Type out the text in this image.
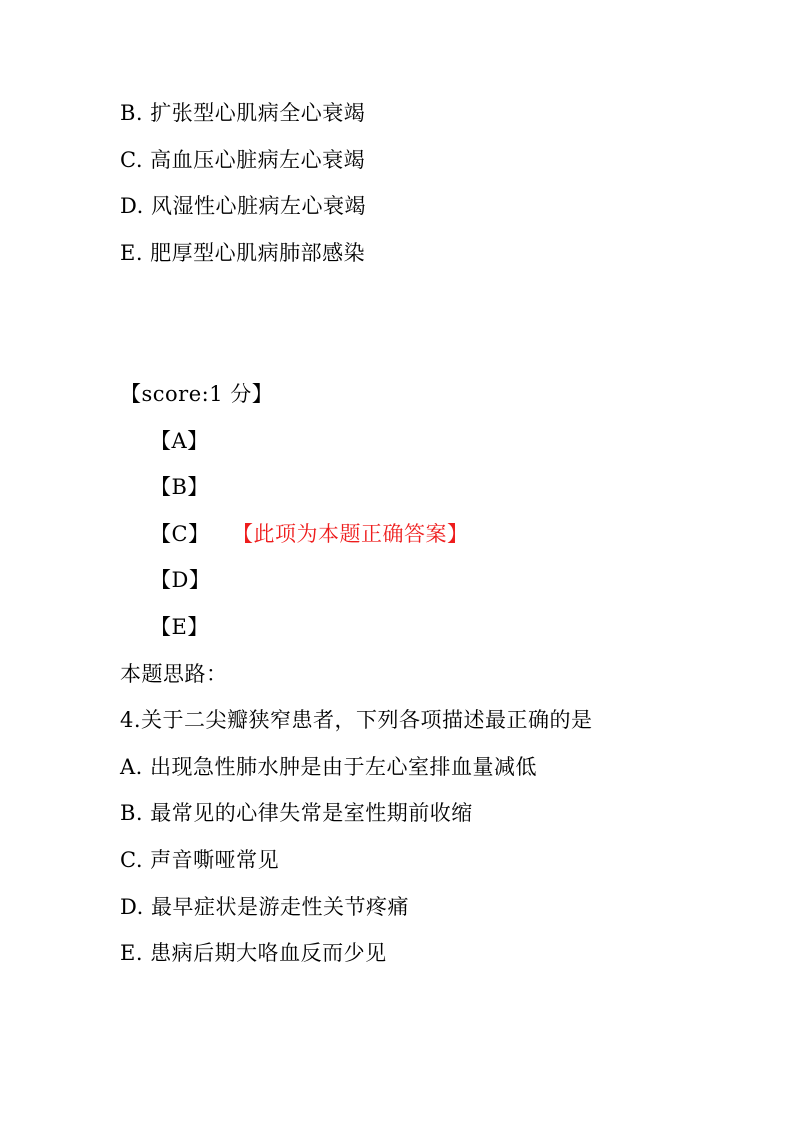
B. 扩张型心肌病全心衰竭
C. 高血压心脏病左心衰竭
D. 风湿性心脏病左心衰竭
E. 肥厚型心肌病肺部感染
【score:1 分】
【A】
【B】
【C】 【此项为本题正确答案】
【D】
【E】
本题思路：
4.关于二尖瓣狭窄患者，下列各项描述最正确的是
A. 出现急性肺水肿是由于左心室排血量减低
B. 最常见的心律失常是室性期前收缩
C. 声音嘶哑常见
D. 最早症状是游走性关节疼痛
E. 患病后期大咯血反而少见
